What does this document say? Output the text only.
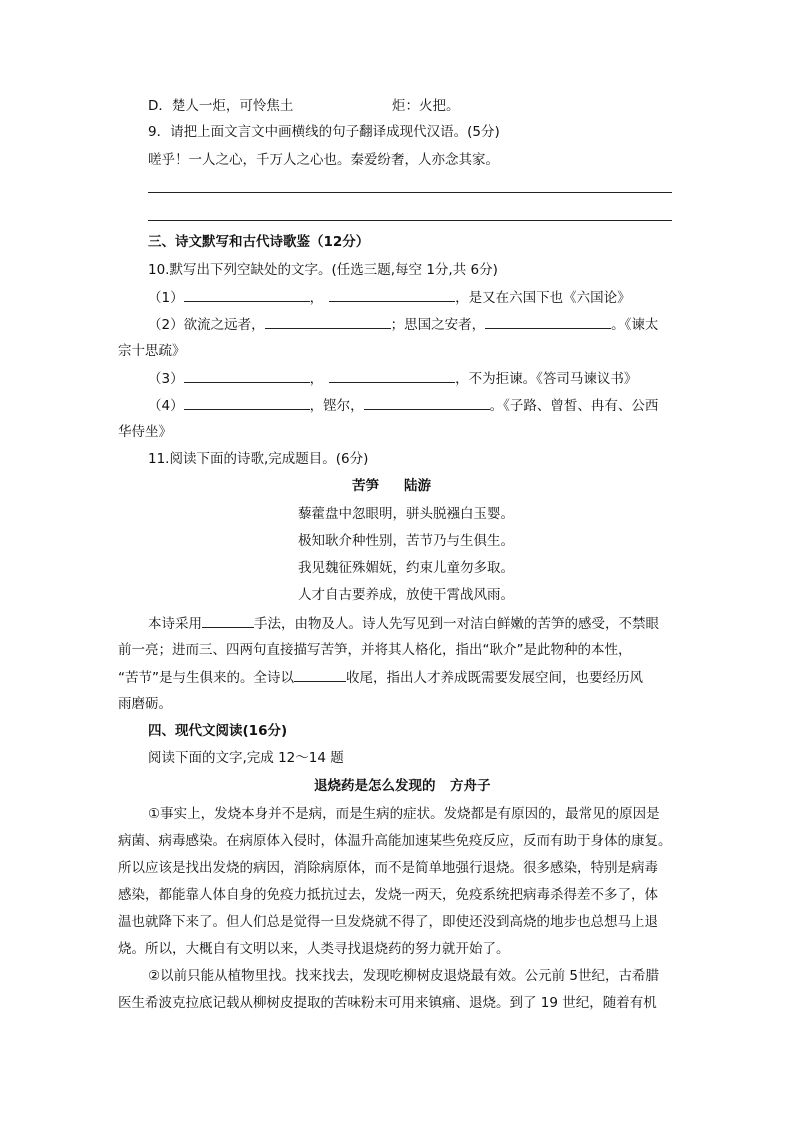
D．楚人一炬，可怜焦土	炬：火把。
9．请把上面文言文中画横线的句子翻译成现代汉语。(5分)
嗟乎！一人之心，千万人之心也。秦爱纷奢，人亦念其家。
三、诗文默写和古代诗歌鉴（12分）
10.默写出下列空缺处的文字。(任选三题,每空 1分,共 6分)
（1）	，	，是又在六国下也《六国论》
（2）欲流之远者，	；思国之安者，	。《谏太
宗十思疏》
（3）	，	，不为拒谏。《答司马谏议书》
（4）	，铿尔，	。《子路、曾皙、冉有、公西
华侍坐》
11.阅读下面的诗歌,完成题目。(6分)
苦笋 陆游
藜藿盘中忽眼明，骈头脱襁白玉婴。
极知耿介种性别，苦节乃与生俱生。
我见魏征殊媚妩，约束儿童勿多取。
人才自古要养成，放使干霄战风雨。
本诗采用	手法，由物及人。诗人先写见到一对洁白鲜嫩的苦笋的感受，不禁眼
前一亮；进而三、四两句直接描写苦笋，并将其人格化，指出“耿介”是此物种的本性，
“苦节”是与生俱来的。全诗以	收尾，指出人才养成既需要发展空间，也要经历风
雨磨砺。
四、现代文阅读(16分)
阅读下面的文字,完成 12～14 题
退烧药是怎么发现的 方舟子
①事实上，发烧本身并不是病，而是生病的症状。发烧都是有原因的，最常见的原因是
病菌、病毒感染。在病原体入侵时，体温升高能加速某些免疫反应，反而有助于身体的康复。
所以应该是找出发烧的病因，消除病原体，而不是简单地强行退烧。很多感染，特别是病毒
感染，都能靠人体自身的免疫力抵抗过去，发烧一两天，免疫系统把病毒杀得差不多了，体
温也就降下来了。但人们总是觉得一旦发烧就不得了，即使还没到高烧的地步也总想马上退
烧。所以，大概自有文明以来，人类寻找退烧药的努力就开始了。
②以前只能从植物里找。找来找去，发现吃柳树皮退烧最有效。公元前 5世纪，古希腊
医生希波克拉底记载从柳树皮提取的苦味粉末可用来镇痛、退烧。到了 19 世纪，随着有机
